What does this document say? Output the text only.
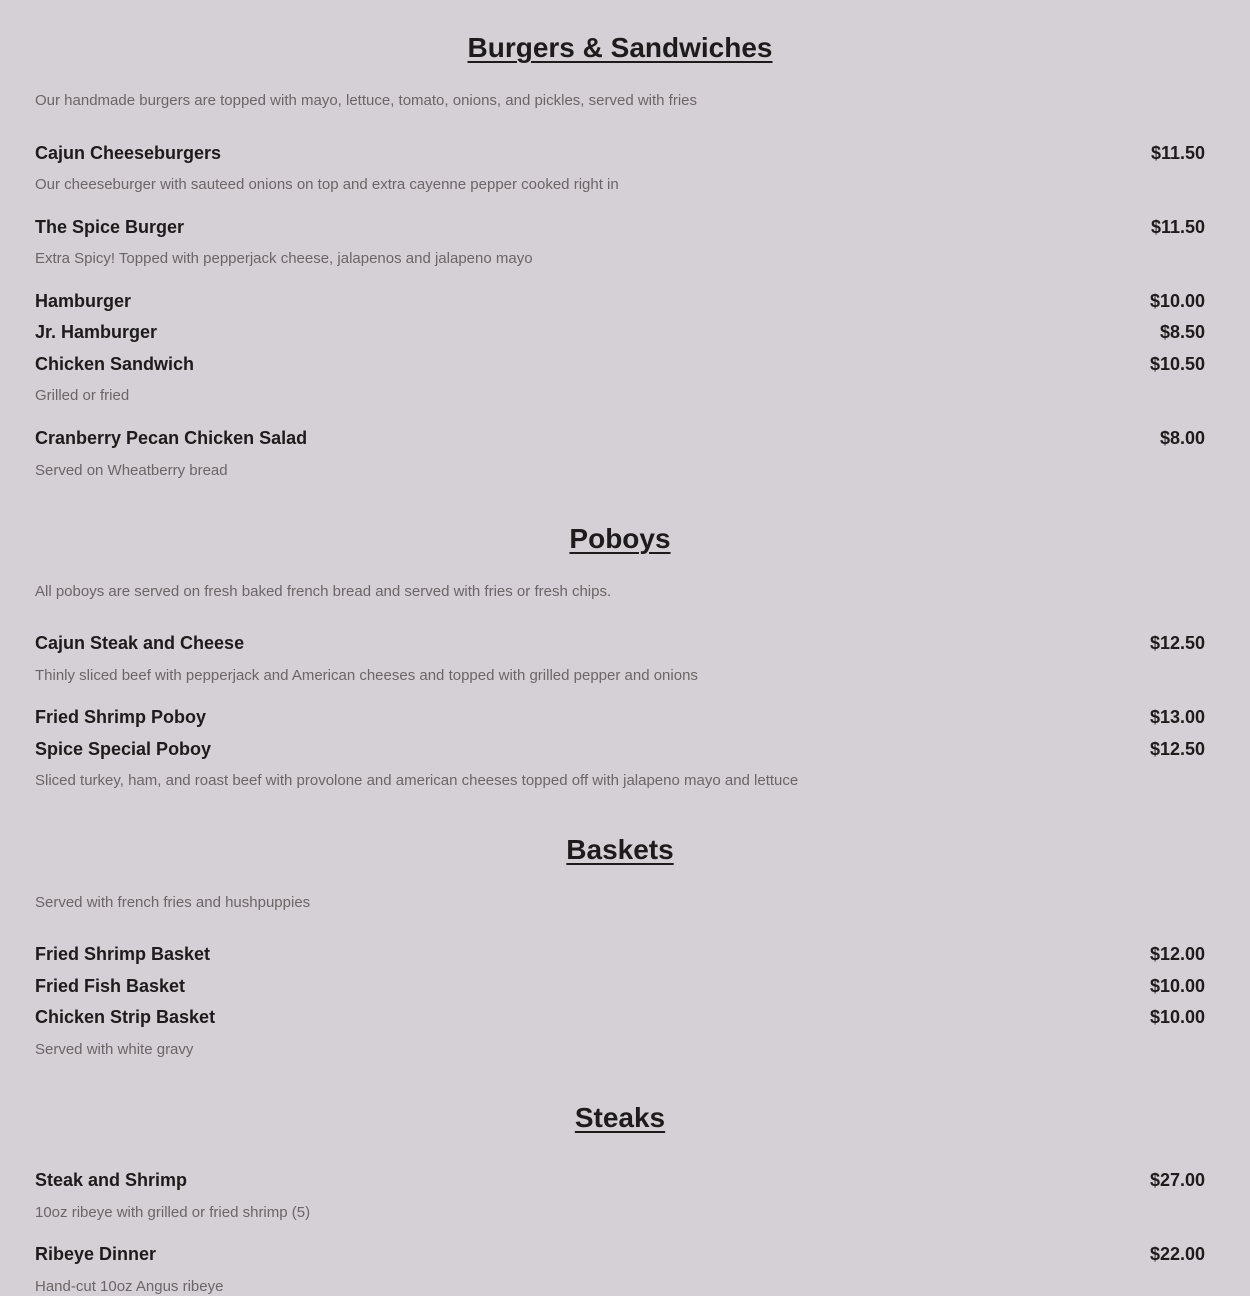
Burgers & Sandwiches

Our handmade burgers are topped with mayo, lettuce, tomato, onions, and pickles, served with fries

Cajun Cheeseburgers	$11.50
Our cheeseburger with sauteed onions on top and extra cayenne pepper cooked right in
The Spice Burger	$11.50
Extra Spicy! Topped with pepperjack cheese, jalapenos and jalapeno mayo
Hamburger	$10.00
Jr. Hamburger	$8.50
Chicken Sandwich	$10.50
Grilled or fried
Cranberry Pecan Chicken Salad	$8.00
Served on Wheatberry bread
Poboys

All poboys are served on fresh baked french bread and served with fries or fresh chips.

Cajun Steak and Cheese	$12.50
Thinly sliced beef with pepperjack and American cheeses and topped with grilled pepper and onions
Fried Shrimp Poboy	$13.00
Spice Special Poboy	$12.50
Sliced turkey, ham, and roast beef with provolone and american cheeses topped off with jalapeno mayo and lettuce
Baskets

Served with french fries and hushpuppies

Fried Shrimp Basket	$12.00
Fried Fish Basket	$10.00
Chicken Strip Basket	$10.00
Served with white gravy
Steaks
Steak and Shrimp	$27.00
10oz ribeye with grilled or fried shrimp (5)
Ribeye Dinner	$22.00
Hand-cut 10oz Angus ribeye
